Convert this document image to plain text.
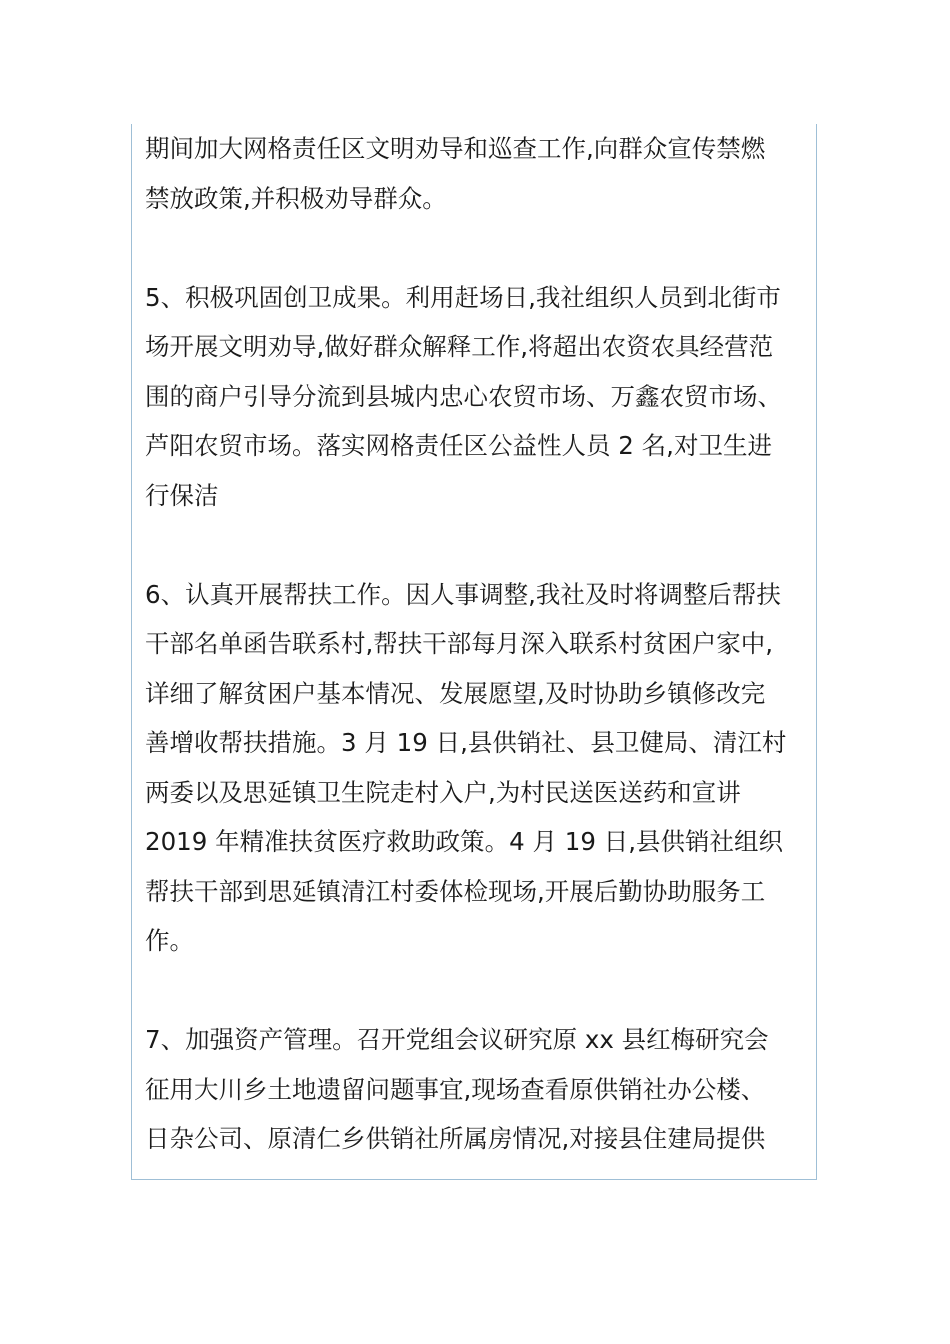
期间加大网格责任区文明劝导和巡查工作,向群众宣传禁燃
禁放政策,并积极劝导群众。
5、积极巩固创卫成果。利用赶场日,我社组织人员到北街市
场开展文明劝导,做好群众解释工作,将超出农资农具经营范
围的商户引导分流到县城内忠心农贸市场、万鑫农贸市场、
芦阳农贸市场。落实网格责任区公益性人员 2 名,对卫生进
行保洁
6、认真开展帮扶工作。因人事调整,我社及时将调整后帮扶
干部名单函告联系村,帮扶干部每月深入联系村贫困户家中,
详细了解贫困户基本情况、发展愿望,及时协助乡镇修改完
善增收帮扶措施。3 月 19 日,县供销社、县卫健局、清江村
两委以及思延镇卫生院走村入户,为村民送医送药和宣讲
2019 年精准扶贫医疗救助政策。4 月 19 日,县供销社组织
帮扶干部到思延镇清江村委体检现场,开展后勤协助服务工
作。
7、加强资产管理。召开党组会议研究原 xx 县红梅研究会
征用大川乡土地遗留问题事宜,现场查看原供销社办公楼、
日杂公司、原清仁乡供销社所属房情况,对接县住建局提供
